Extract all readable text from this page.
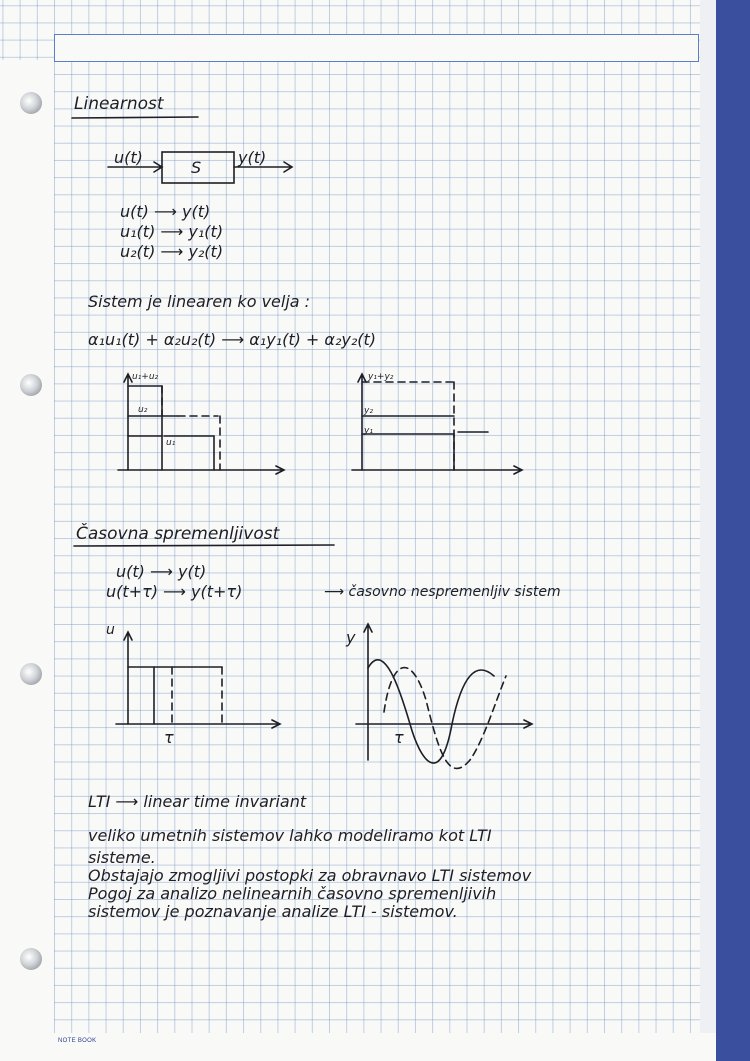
NOTE BOOK
Linearnost
u(t)
S
y(t)
u(t) ⟶ y(t)
u₁(t) ⟶ y₁(t)
u₂(t) ⟶ y₂(t)
Sistem je linearen ko velja :
α₁u₁(t) + α₂u₂(t) ⟶ α₁y₁(t) + α₂y₂(t)
u₁+u₂
u₂
u₁
y₁+y₂
y₂
y₁
Časovna spremenljivost
u(t) ⟶ y(t)
u(t+τ) ⟶ y(t+τ)	⟶ časovno nespremenljiv sistem
u
τ
y
τ
LTI ⟶ linear time invariant
veliko umetnih sistemov lahko modeliramo kot LTI
sisteme.
Obstajajo zmogljivi postopki za obravnavo LTI sistemov
Pogoj za analizo nelinearnih časovno spremenljivih
sistemov je poznavanje analize LTI - sistemov.
